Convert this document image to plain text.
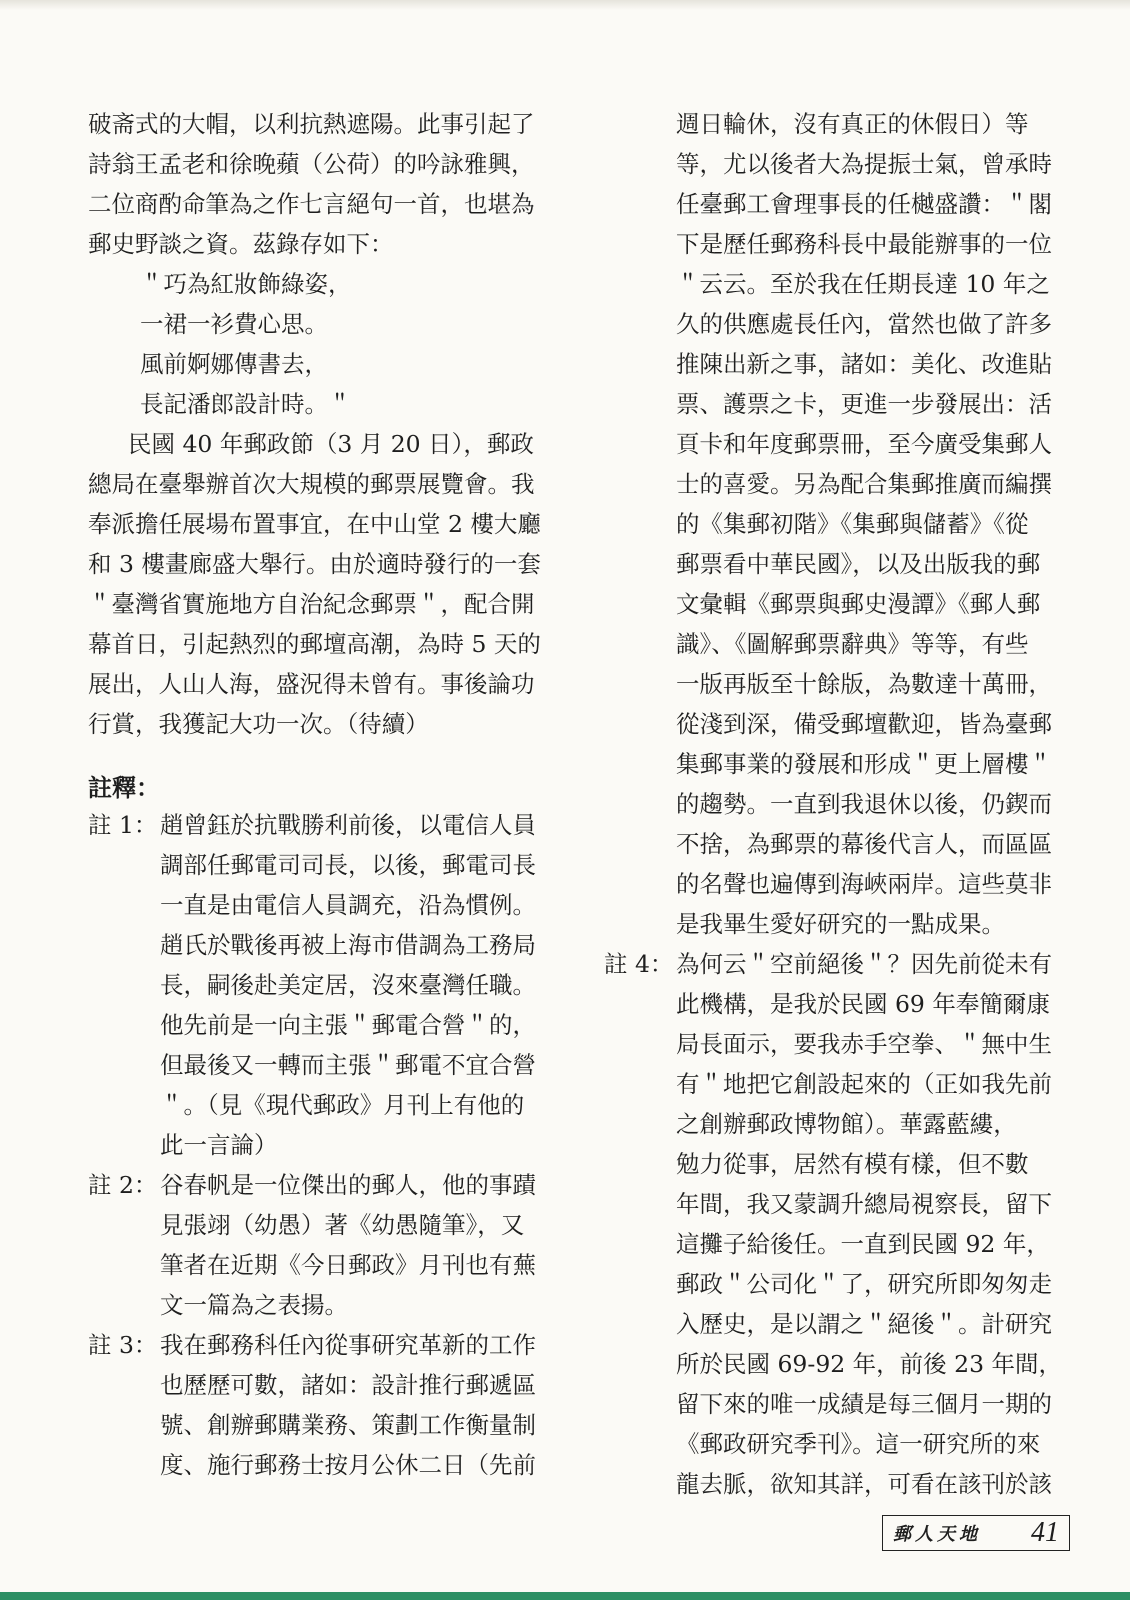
破斋式的大帽，以利抗熱遮陽。此事引起了
詩翁王孟老和徐晚蘋（公荷）的吟詠雅興，
二位商酌命筆為之作七言絕句一首，也堪為
郵史野談之資。茲錄存如下：
＂巧為紅妝飾綠姿，
一裙一衫費心思。
風前婀娜傳書去，
長記潘郎設計時。＂
民國 40 年郵政節（3 月 20 日），郵政
總局在臺舉辦首次大規模的郵票展覽會。我
奉派擔任展場布置事宜，在中山堂 2 樓大廳
和 3 樓畫廊盛大舉行。由於適時發行的一套
＂臺灣省實施地方自治紀念郵票＂，配合開
幕首日，引起熱烈的郵壇高潮，為時 5 天的
展出，人山人海，盛況得未曾有。事後論功
行賞，我獲記大功一次。（待續）
註釋：
註 1： 趙曾鈺於抗戰勝利前後，以電信人員
調部任郵電司司長，以後，郵電司長
一直是由電信人員調充，沿為慣例。
趙氏於戰後再被上海市借調為工務局
長，嗣後赴美定居，沒來臺灣任職。
他先前是一向主張＂郵電合營＂的，
但最後又一轉而主張＂郵電不宜合營
＂。（見《現代郵政》月刊上有他的
此一言論）
註 2： 谷春帆是一位傑出的郵人，他的事蹟
見張翊（幼愚）著《幼愚隨筆》，又
筆者在近期《今日郵政》月刊也有蕪
文一篇為之表揚。
註 3： 我在郵務科任內從事研究革新的工作
也歷歷可數，諸如：設計推行郵遞區
號、創辦郵購業務、策劃工作衡量制
度、施行郵務士按月公休二日（先前
週日輪休，沒有真正的休假日）等
等，尤以後者大為提振士氣，曾承時
任臺郵工會理事長的任樾盛讚：＂閣
下是歷任郵務科長中最能辦事的一位
＂云云。至於我在任期長達 10 年之
久的供應處長任內，當然也做了許多
推陳出新之事，諸如：美化、改進貼
票、護票之卡，更進一步發展出：活
頁卡和年度郵票冊，至今廣受集郵人
士的喜愛。另為配合集郵推廣而編撰
的《集郵初階》《集郵與儲蓄》《從
郵票看中華民國》，以及出版我的郵
文彙輯《郵票與郵史漫譚》《郵人郵
識》、《圖解郵票辭典》等等，有些
一版再版至十餘版，為數達十萬冊，
從淺到深，備受郵壇歡迎，皆為臺郵
集郵事業的發展和形成＂更上層樓＂
的趨勢。一直到我退休以後，仍鍥而
不捨，為郵票的幕後代言人，而區區
的名聲也遍傳到海峽兩岸。這些莫非
是我畢生愛好研究的一點成果。
註 4： 為何云＂空前絕後＂？因先前從未有
此機構，是我於民國 69 年奉簡爾康
局長面示，要我赤手空拳、＂無中生
有＂地把它創設起來的（正如我先前
之創辦郵政博物館）。華露藍縷，
勉力從事，居然有模有樣，但不數
年間，我又蒙調升總局視察長，留下
這攤子給後任。一直到民國 92 年，
郵政＂公司化＂了，研究所即匆匆走
入歷史，是以謂之＂絕後＂。計研究
所於民國 69-92 年，前後 23 年間，
留下來的唯一成績是每三個月一期的
《郵政研究季刊》。這一研究所的來
龍去脈，欲知其詳，可看在該刊於該
郵人天地 41
